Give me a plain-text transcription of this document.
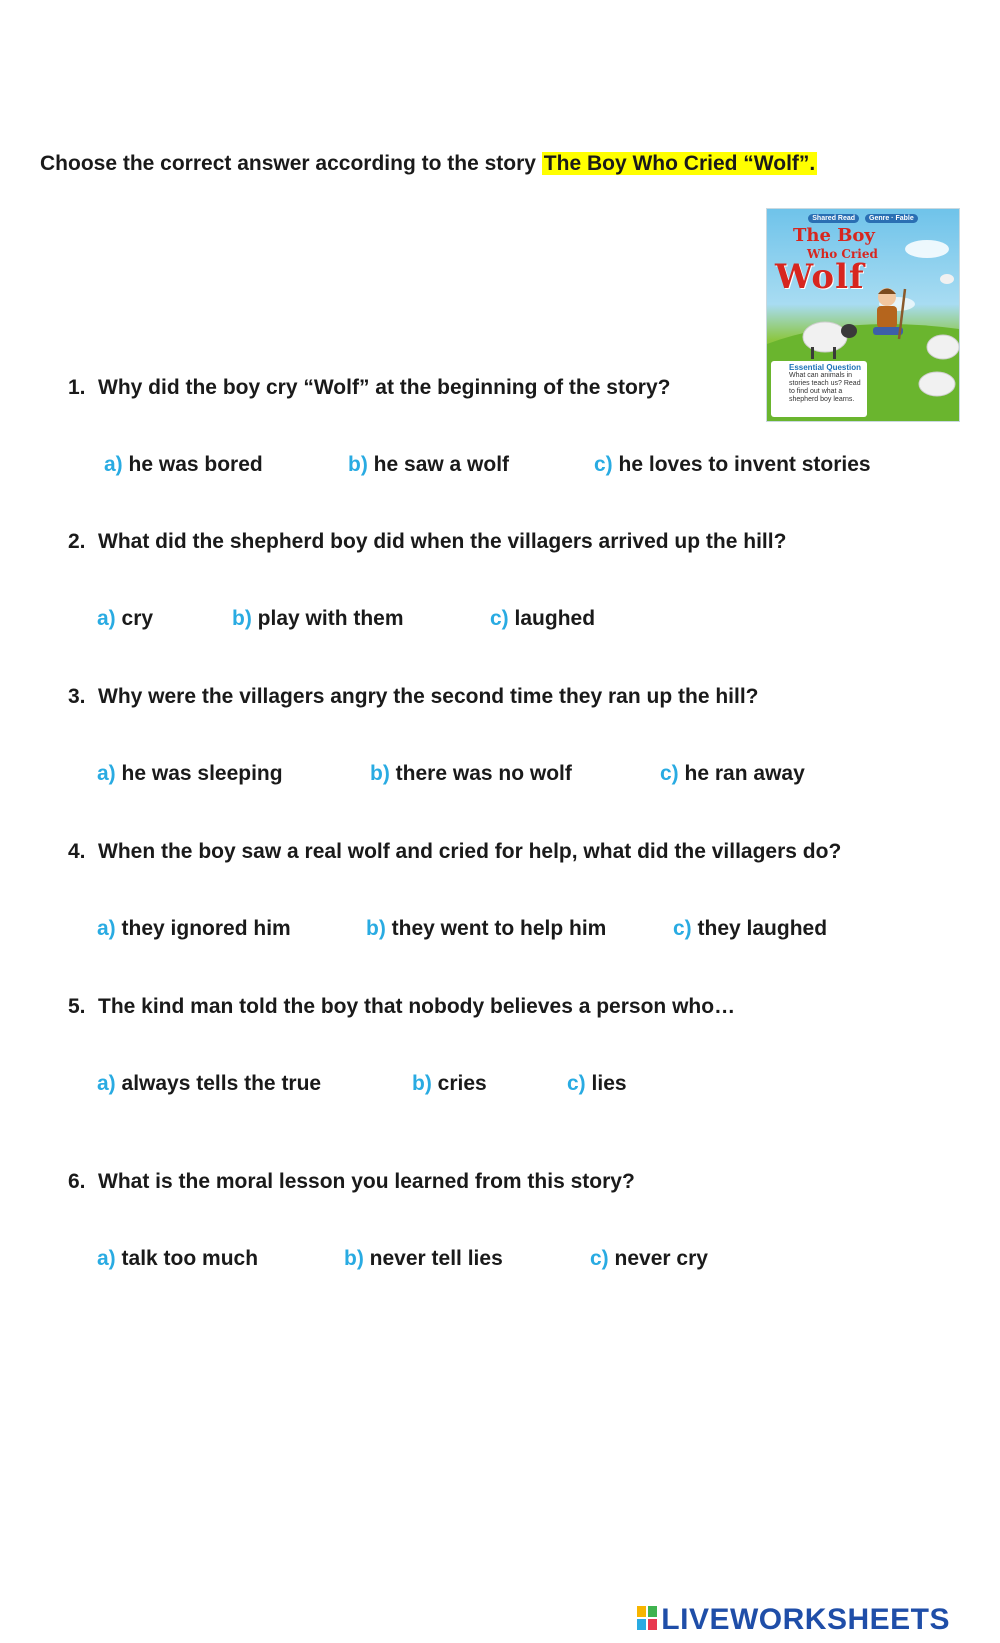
Choose the correct answer according to the story The Boy Who Cried “Wolf”.
Shared Read Genre · Fable
The Boy
Who Cried
Wolf
Essential Question
What can animals in stories teach us? Read to find out what a shepherd boy learns.
1. Why did the boy cry “Wolf” at the beginning of the story?
a) he was bored	b) he saw a wolf	c) he loves to invent stories
2. What did the shepherd boy did when the villagers arrived up the hill?
a) cry	b) play with them	c) laughed
3. Why were the villagers angry the second time they ran up the hill?
a) he was sleeping	b) there was no wolf	c) he ran away
4. When the boy saw a real wolf and cried for help, what did the villagers do?
a) they ignored him	b) they went to help him	c) they laughed
5. The kind man told the boy that nobody believes a person who…
a) always tells the true	b) cries	c) lies
6. What is the moral lesson you learned from this story?
a) talk too much	b) never tell lies	c) never cry
LIVEWORKSHEETS
